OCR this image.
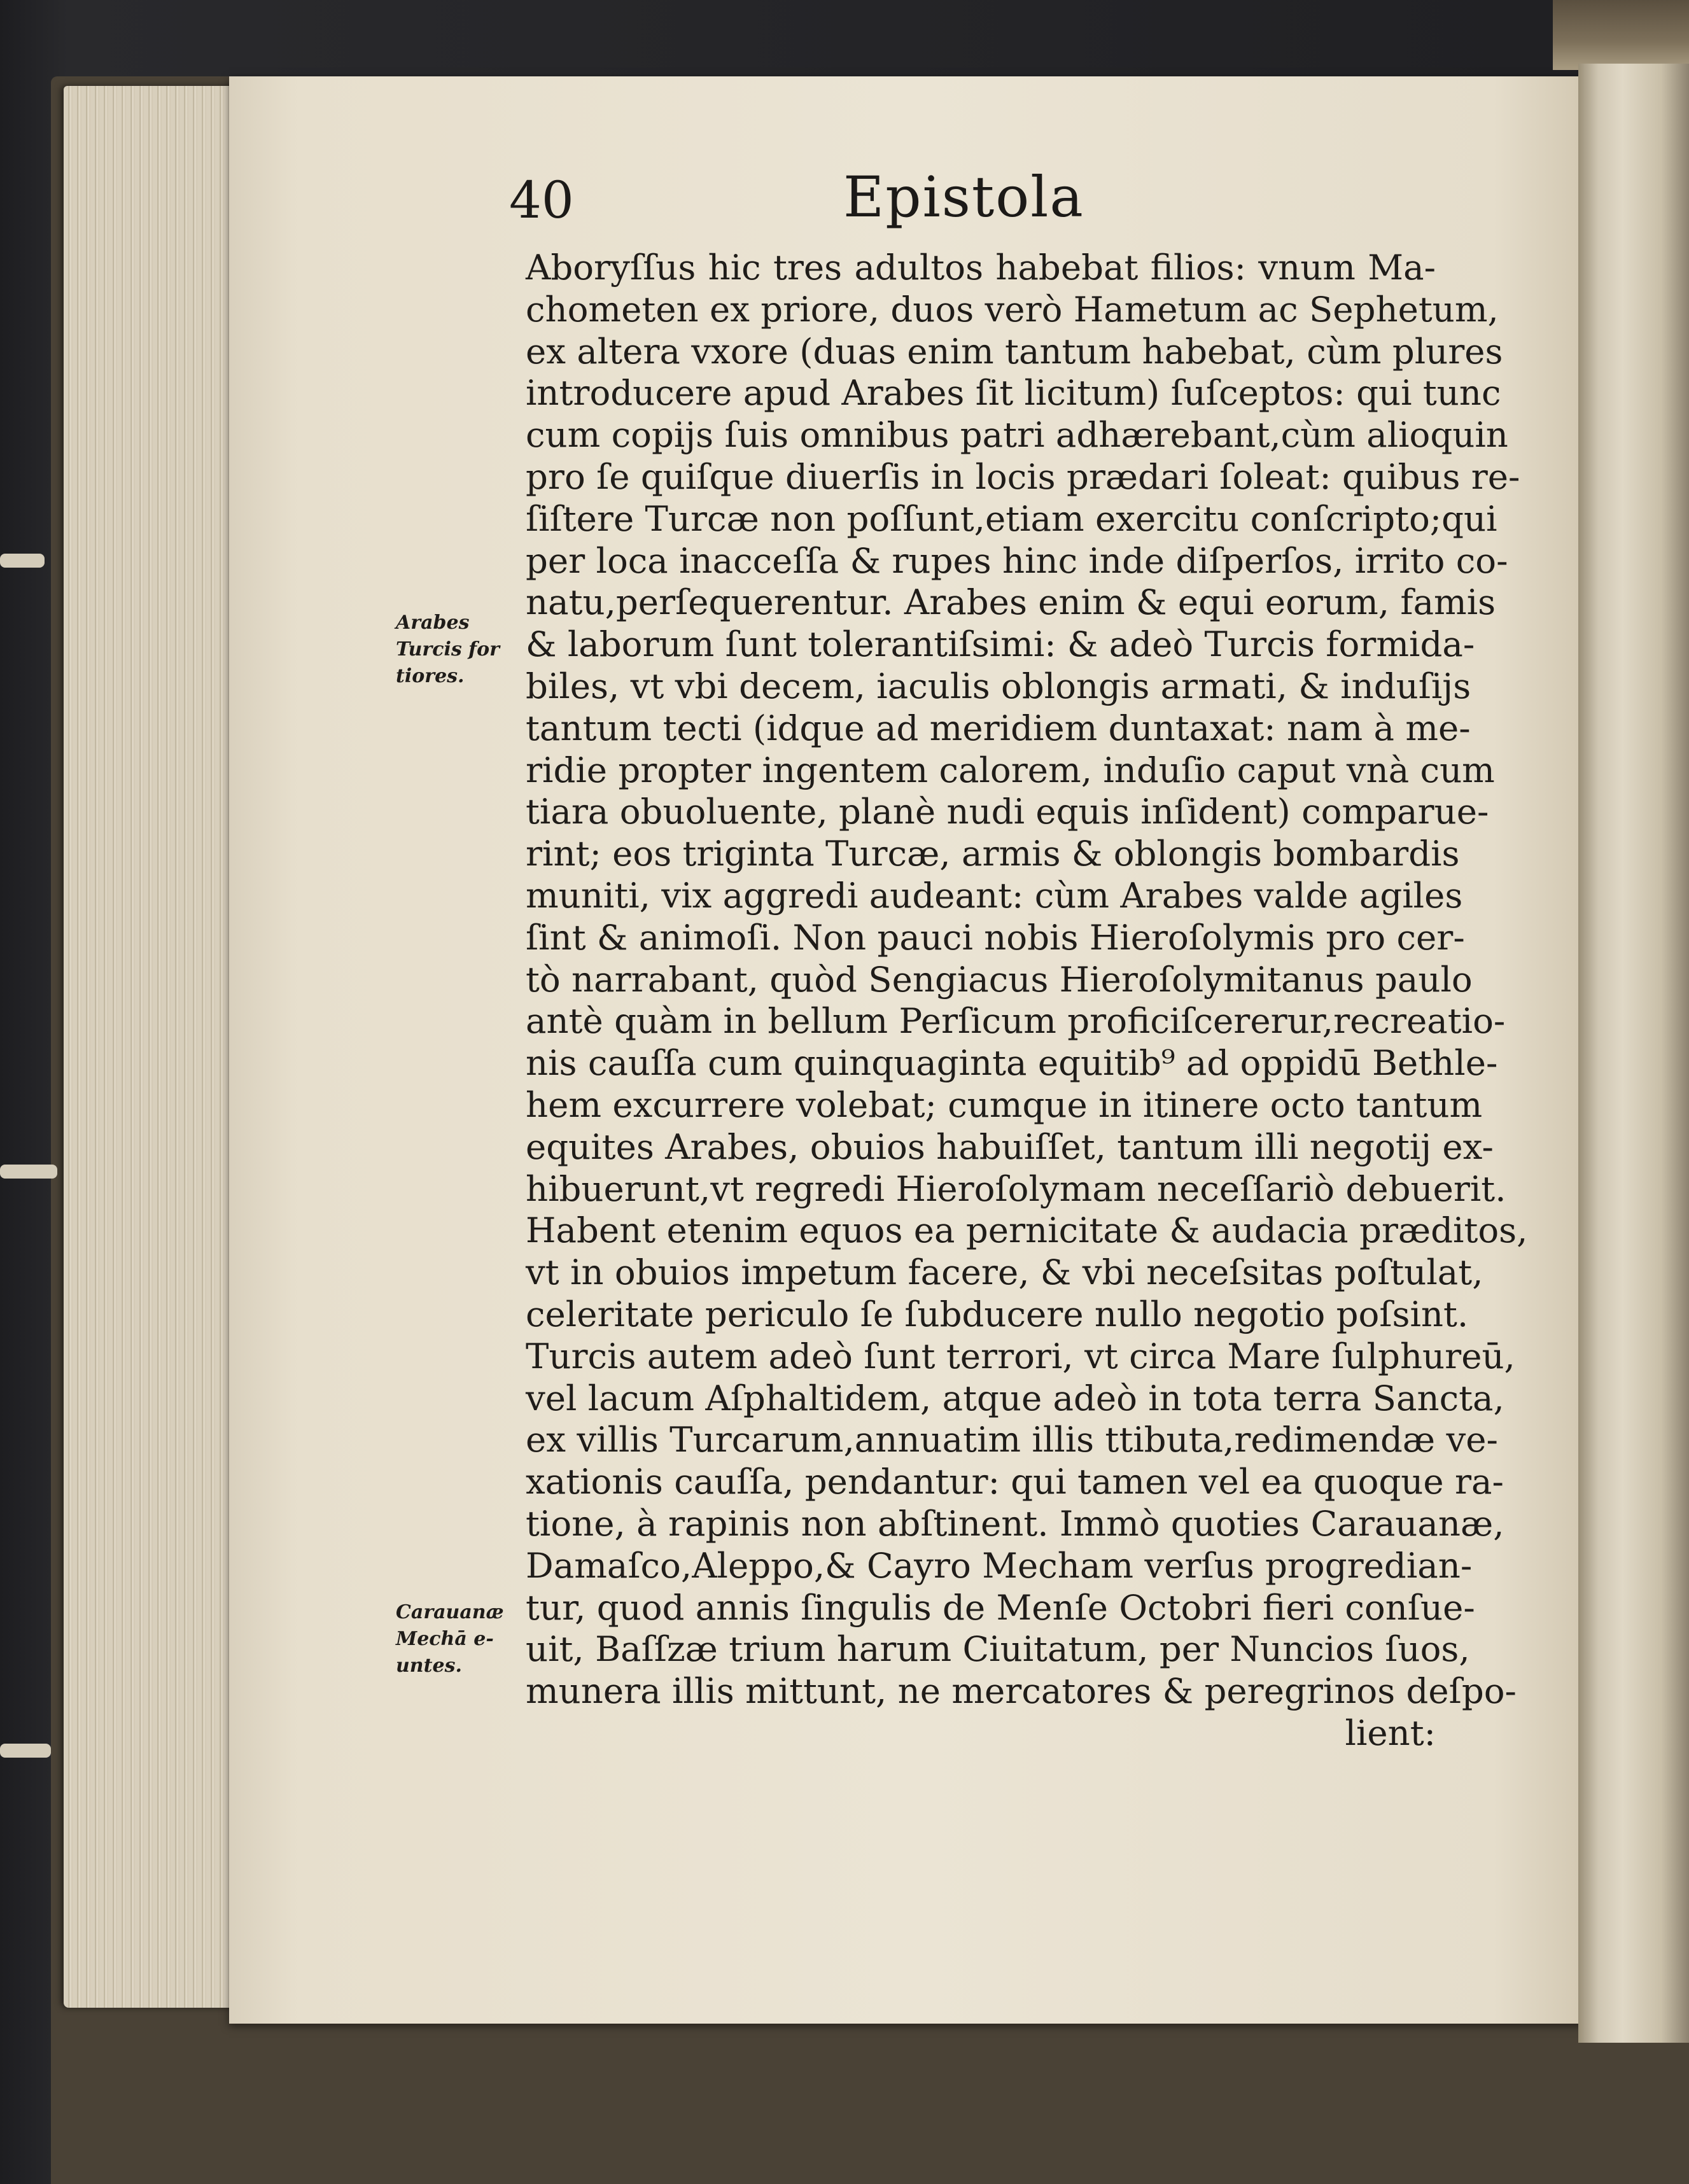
40	Epistola
Arabes
Turcis for
tiores.
Carauanæ
Mechā e-
untes.
Aboryſſus hic tres adultos habebat filios: vnum Ma-
chometen ex priore, duos verò Hametum ac Sephetum,
ex altera vxore (duas enim tantum habebat, cùm plures
introducere apud Arabes ſit licitum) ſuſceptos: qui tunc
cum copijs ſuis omnibus patri adhærebant,cùm alioquin
pro ſe quiſque diuerſis in locis prædari ſoleat: quibus re-
ſiſtere Turcæ non poſſunt,etiam exercitu conſcripto;qui
per loca inacceſſa & rupes hinc inde diſperſos, irrito co-
natu,perſequerentur. Arabes enim & equi eorum, famis
& laborum ſunt tolerantiſsimi: & adeò Turcis formida-
biles, vt vbi decem, iaculis oblongis armati, & induſijs
tantum tecti (idque ad meridiem duntaxat: nam à me-
ridie propter ingentem calorem, induſio caput vnà cum
tiara obuoluente, planè nudi equis inſident) comparue-
rint; eos triginta Turcæ, armis & oblongis bombardis
muniti, vix aggredi audeant: cùm Arabes valde agiles
ſint & animoſi. Non pauci nobis Hieroſolymis pro cer-
tò narrabant, quòd Sengiacus Hieroſolymitanus paulo
antè quàm in bellum Perſicum proficiſcererur,recreatio-
nis cauſſa cum quinquaginta equitib⁹ ad oppidū Bethle-
hem excurrere volebat; cumque in itinere octo tantum
equites Arabes, obuios habuiſſet, tantum illi negotij ex-
hibuerunt,vt regredi Hieroſolymam neceſſariò debuerit.
Habent etenim equos ea pernicitate & audacia præditos,
vt in obuios impetum facere, & vbi neceſsitas poſtulat,
celeritate periculo ſe ſubducere nullo negotio poſsint.
Turcis autem adeò ſunt terrori, vt circa Mare ſulphureū,
vel lacum Aſphaltidem, atque adeò in tota terra Sancta,
ex villis Turcarum,annuatim illis ttibuta,redimendæ ve-
xationis cauſſa, pendantur: qui tamen vel ea quoque ra-
tione, à rapinis non abſtinent. Immò quoties Carauanæ,
Damaſco,Aleppo,& Cayro Mecham verſus progredian-
tur, quod annis ſingulis de Menſe Octobri fieri conſue-
uit, Baſſzæ trium harum Ciuitatum, per Nuncios ſuos,
munera illis mittunt, ne mercatores & peregrinos deſpo-
lient:
